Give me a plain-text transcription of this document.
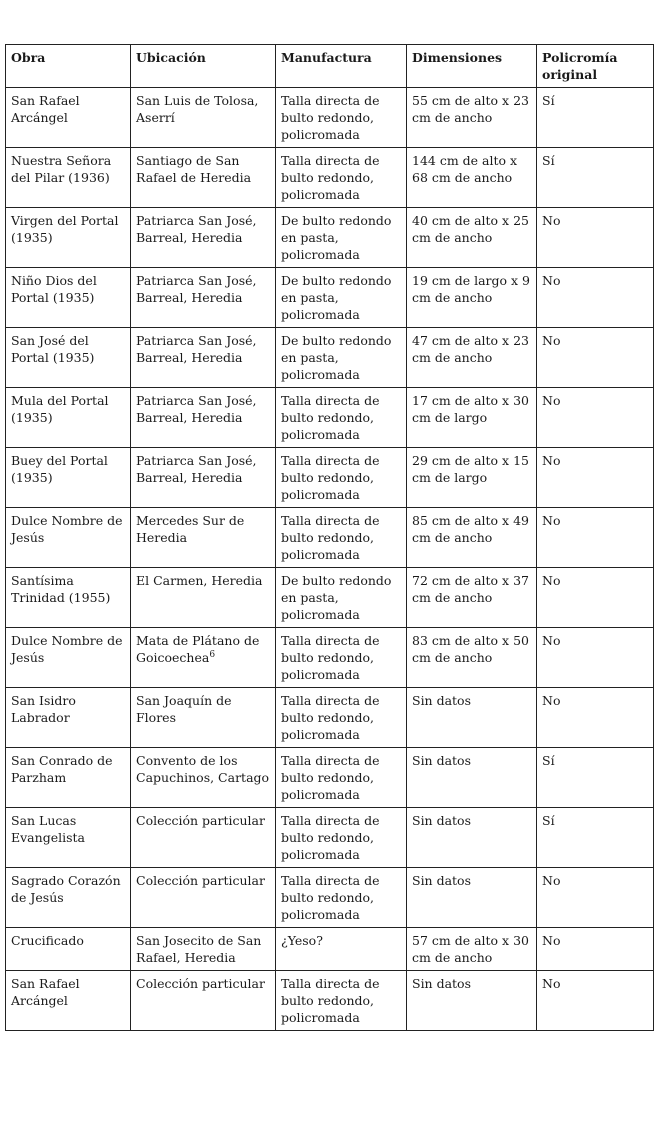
Obra	Ubicación	Manufactura	Dimensiones	Policromía original
San Rafael Arcángel	San Luis de Tolosa, Aserrí	Talla directa de bulto redondo, policromada	55 cm de alto x 23 cm de ancho	Sí
Nuestra Señora del Pilar (1936)	Santiago de San Rafael de Heredia	Talla directa de bulto redondo, policromada	144 cm de alto x 68 cm de ancho	Sí
Virgen del Portal (1935)	Patriarca San José, Barreal, Heredia	De bulto redondo en pasta, policromada	40 cm de alto x 25 cm de ancho	No
Niño Dios del Portal (1935)	Patriarca San José, Barreal, Heredia	De bulto redondo en pasta, policromada	19 cm de largo x 9 cm de ancho	No
San José del Portal (1935)	Patriarca San José, Barreal, Heredia	De bulto redondo en pasta, policromada	47 cm de alto x 23 cm de ancho	No
Mula del Portal (1935)	Patriarca San José, Barreal, Heredia	Talla directa de bulto redondo, policromada	17 cm de alto x 30 cm de largo	No
Buey del Portal (1935)	Patriarca San José, Barreal, Heredia	Talla directa de bulto redondo, policromada	29 cm de alto x 15 cm de largo	No
Dulce Nombre de Jesús	Mercedes Sur de Heredia	Talla directa de bulto redondo, policromada	85 cm de alto x 49 cm de ancho	No
Santísima Trinidad (1955)	El Carmen, Heredia	De bulto redondo en pasta, policromada	72 cm de alto x 37 cm de ancho	No
Dulce Nombre de Jesús	Mata de Plátano de Goicoechea$^6$	Talla directa de bulto redondo, policromada	83 cm de alto x 50 cm de ancho	No
San Isidro Labrador	San Joaquín de Flores	Talla directa de bulto redondo, policromada	Sin datos	No
San Conrado de Parzham	Convento de los Capuchinos, Cartago	Talla directa de bulto redondo, policromada	Sin datos	Sí
San Lucas Evangelista	Colección particular	Talla directa de bulto redondo, policromada	Sin datos	Sí
Sagrado Corazón de Jesús	Colección particular	Talla directa de bulto redondo, policromada	Sin datos	No
Crucificado	San Josecito de San Rafael, Heredia	¿Yeso?	57 cm de alto x 30 cm de ancho	No
San Rafael Arcángel	Colección particular	Talla directa de bulto redondo, policromada	Sin datos	No
